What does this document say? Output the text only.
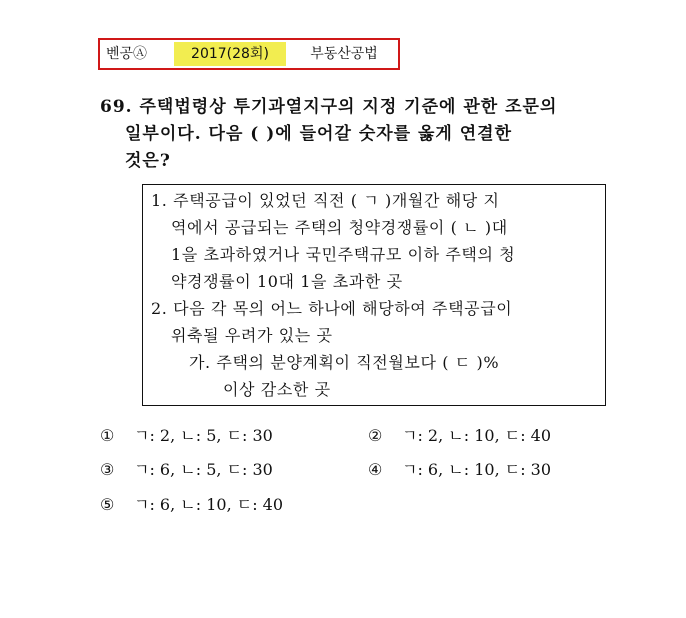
벤공Ⓐ	2017(28회)	부동산공법
69. 주택법령상 투기과열지구의 지정 기준에 관한 조문의
일부이다. 다음 ( )에 들어갈 숫자를 옳게 연결한
것은?
1. 주택공급이 있었던 직전 ( ㄱ )개월간 해당 지
역에서 공급되는 주택의 청약경쟁률이 ( ㄴ )대
1을 초과하였거나 국민주택규모 이하 주택의 청
약경쟁률이 10대 1을 초과한 곳
2. 다음 각 목의 어느 하나에 해당하여 주택공급이
위축될 우려가 있는 곳
가. 주택의 분양계획이 직전월보다 ( ㄷ )%
이상 감소한 곳
① ㄱ: 2, ㄴ: 5, ㄷ: 30	② ㄱ: 2, ㄴ: 10, ㄷ: 40
③ ㄱ: 6, ㄴ: 5, ㄷ: 30	④ ㄱ: 6, ㄴ: 10, ㄷ: 30
⑤ ㄱ: 6, ㄴ: 10, ㄷ: 40
